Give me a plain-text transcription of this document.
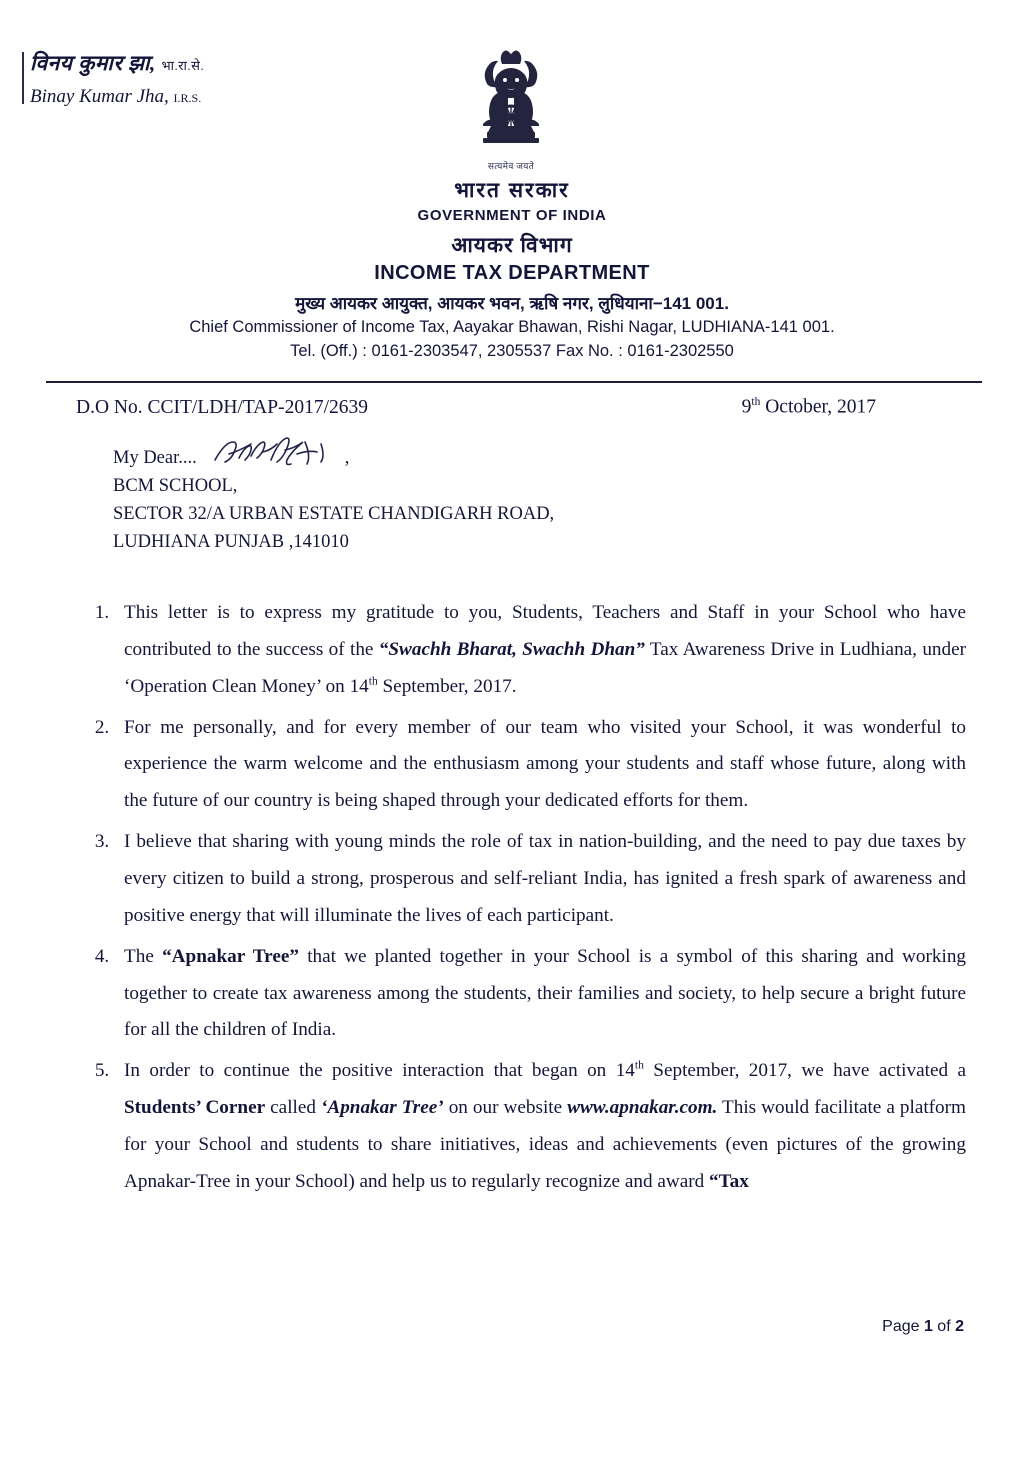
विनय कुमार झा, भा.रा.से.
Binay Kumar Jha, I.R.S.
सत्यमेव जयते
भारत सरकार
GOVERNMENT OF INDIA
आयकर विभाग
INCOME TAX DEPARTMENT
मुख्य आयकर आयुक्त, आयकर भवन, ऋषि नगर, लुधियाना−141 001.
Chief Commissioner of Income Tax, Aayakar Bhawan, Rishi Nagar, LUDHIANA-141 001.
Tel. (Off.) : 0161-2303547, 2305537 Fax No. : 0161-2302550
D.O No. CCIT/LDH/TAP-2017/2639	9th October, 2017
My Dear....	,
BCM SCHOOL,
SECTOR 32/A URBAN ESTATE CHANDIGARH ROAD,
LUDHIANA PUNJAB ,141010
1. This letter is to express my gratitude to you, Students, Teachers and Staff in your School who have contributed to the success of the “Swachh Bharat, Swachh Dhan” Tax Awareness Drive in Ludhiana, under ‘Operation Clean Money’ on 14th September, 2017.
2. For me personally, and for every member of our team who visited your School, it was wonderful to experience the warm welcome and the enthusiasm among your students and staff whose future, along with the future of our country is being shaped through your dedicated efforts for them.
3. I believe that sharing with young minds the role of tax in nation-building, and the need to pay due taxes by every citizen to build a strong, prosperous and self-reliant India, has ignited a fresh spark of awareness and positive energy that will illuminate the lives of each participant.
4. The “Apnakar Tree” that we planted together in your School is a symbol of this sharing and working together to create tax awareness among the students, their families and society, to help secure a bright future for all the children of India.
5. In order to continue the positive interaction that began on 14th September, 2017, we have activated a Students’ Corner called ‘Apnakar Tree’ on our website www.apnakar.com. This would facilitate a platform for your School and students to share initiatives, ideas and achievements (even pictures of the growing Apnakar-Tree in your School) and help us to regularly recognize and award “Tax
Page 1 of 2
